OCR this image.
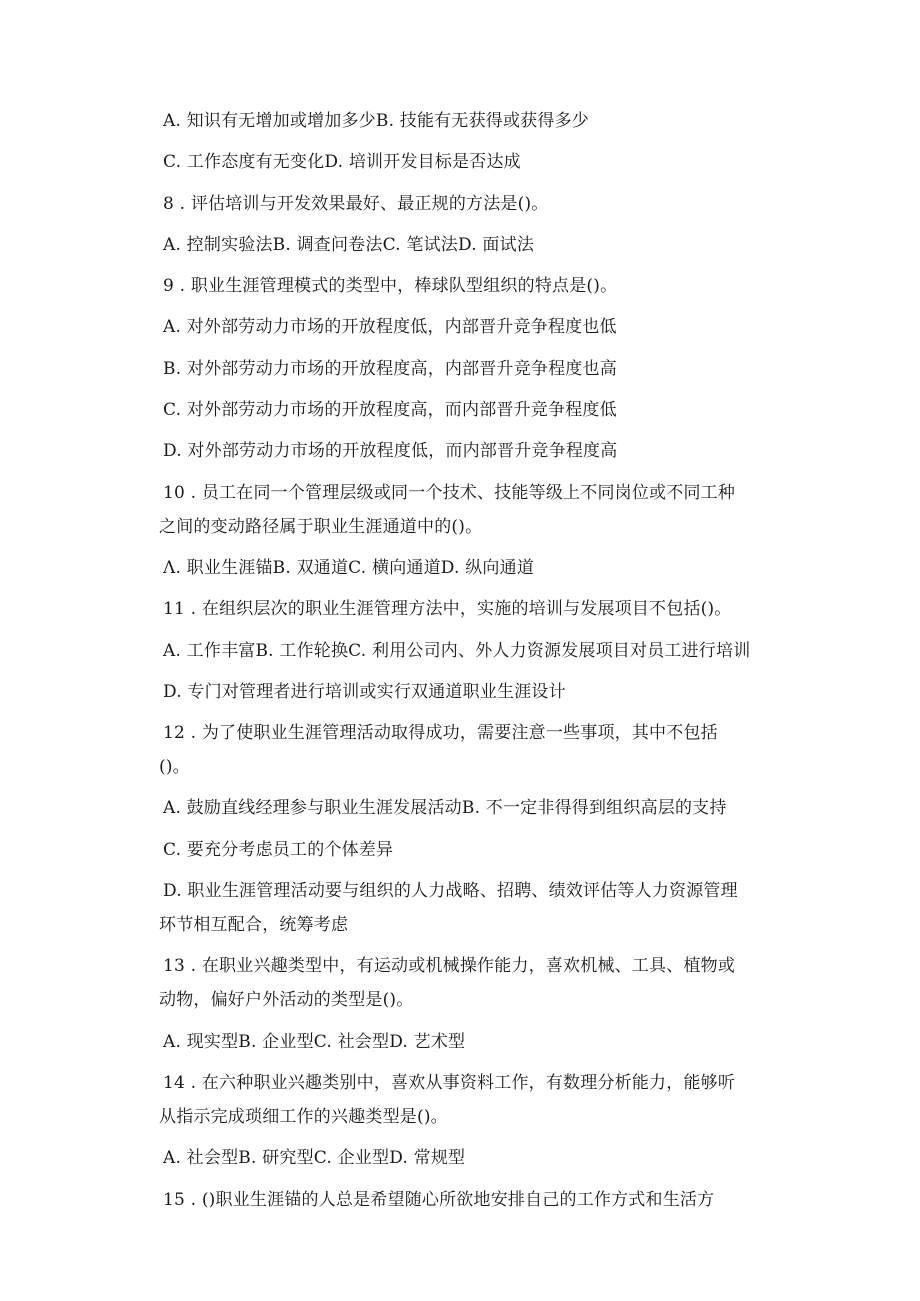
A. 知识有无增加或增加多少B. 技能有无获得或获得多少
C. 工作态度有无变化D. 培训开发目标是否达成
8 . 评估培训与开发效果最好、最正规的方法是()。
A. 控制实验法B. 调查问卷法C. 笔试法D. 面试法
9 . 职业生涯管理模式的类型中，棒球队型组织的特点是()。
A. 对外部劳动力市场的开放程度低，内部晋升竞争程度也低
B. 对外部劳动力市场的开放程度高，内部晋升竞争程度也高
C. 对外部劳动力市场的开放程度高，而内部晋升竞争程度低
D. 对外部劳动力市场的开放程度低，而内部晋升竞争程度高
10 . 员工在同一个管理层级或同一个技术、技能等级上不同岗位或不同工种
之间的变动路径属于职业生涯通道中的()。
Λ. 职业生涯锚B. 双通道C. 横向通道D. 纵向通道
11 . 在组织层次的职业生涯管理方法中，实施的培训与发展项目不包括()。
A. 工作丰富B. 工作轮换C. 利用公司内、外人力资源发展项目对员工进行培训
D. 专门对管理者进行培训或实行双通道职业生涯设计
12 . 为了使职业生涯管理活动取得成功，需要注意一些事项，其中不包括
()。
A. 鼓励直线经理参与职业生涯发展活动B. 不一定非得得到组织高层的支持
C. 要充分考虑员工的个体差异
D. 职业生涯管理活动要与组织的人力战略、招聘、绩效评估等人力资源管理
环节相互配合，统筹考虑
13 . 在职业兴趣类型中，有运动或机械操作能力，喜欢机械、工具、植物或
动物，偏好户外活动的类型是()。
A. 现实型B. 企业型C. 社会型D. 艺术型
14 . 在六种职业兴趣类别中，喜欢从事资料工作，有数理分析能力，能够听
从指示完成琐细工作的兴趣类型是()。
A. 社会型B. 研究型C. 企业型D. 常规型
15 . ()职业生涯锚的人总是希望随心所欲地安排自己的工作方式和生活方
